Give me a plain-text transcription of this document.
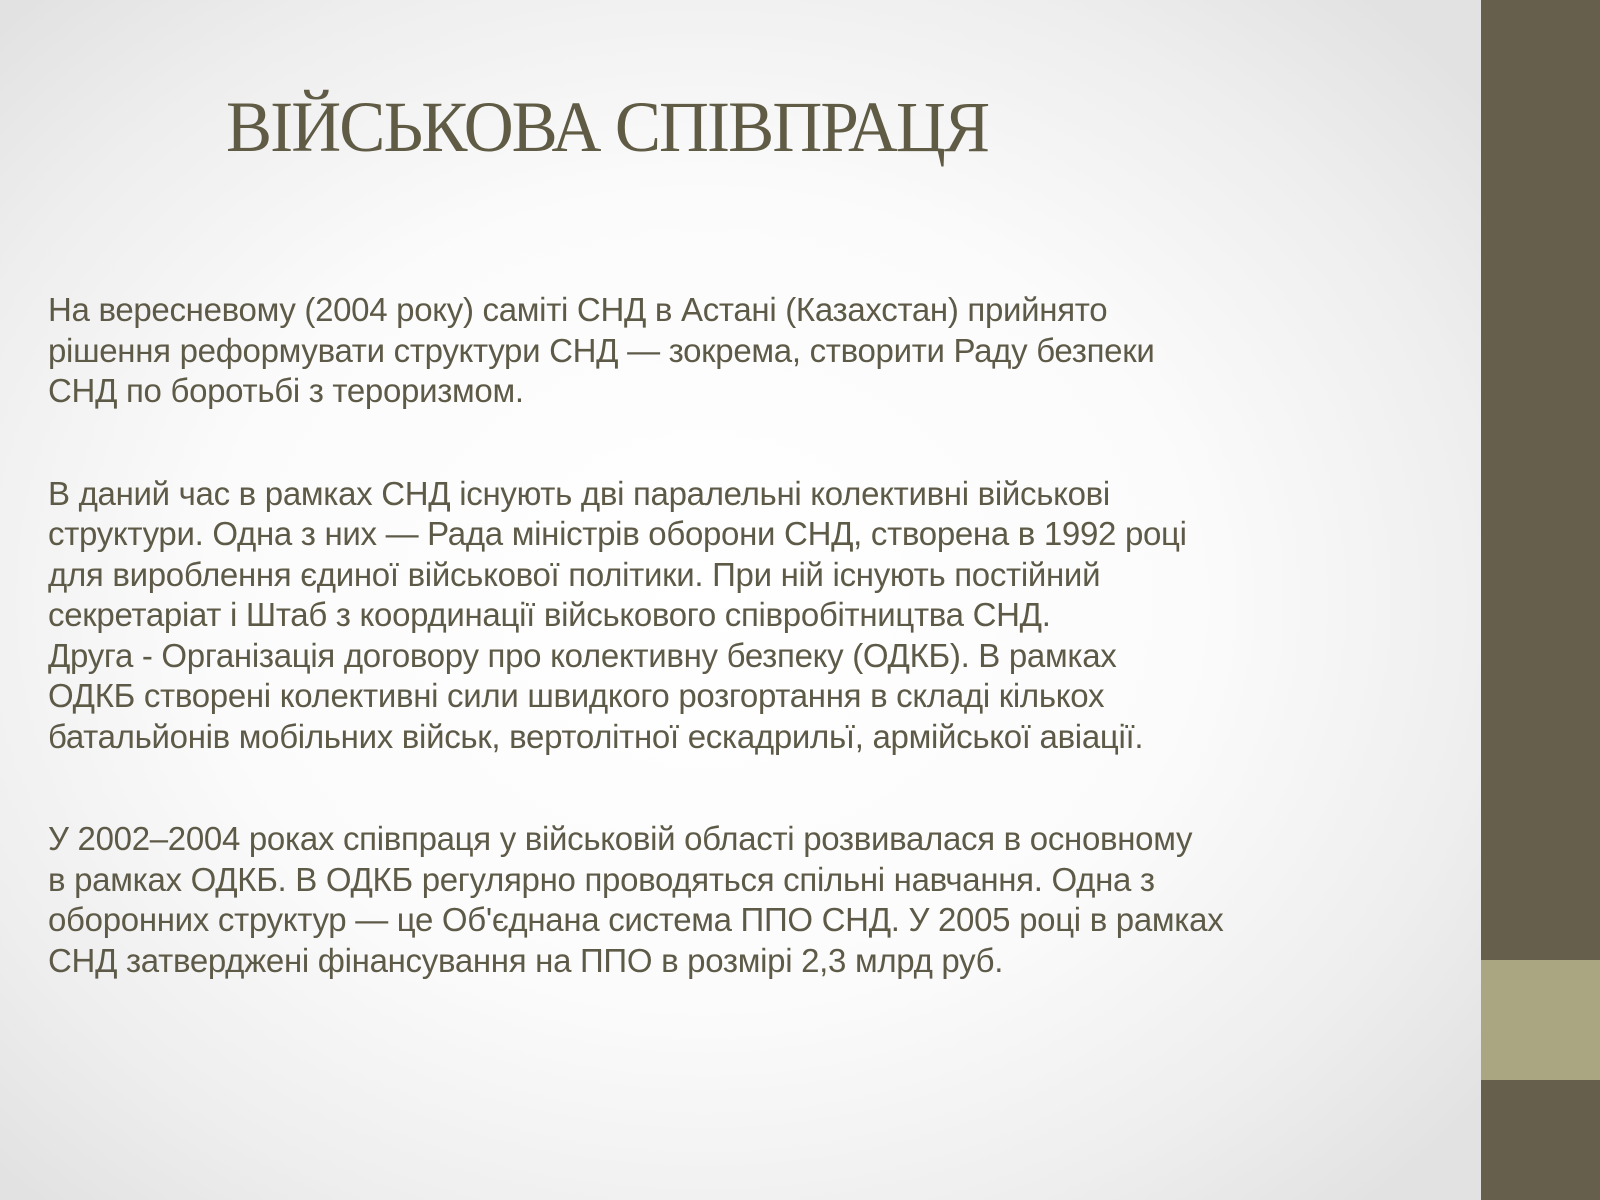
ВІЙСЬКОВА СПІВПРАЦЯ

На вересневому (2004 року) саміті СНД в Астані (Казахстан) прийнято
рішення реформувати структури СНД — зокрема, створити Раду безпеки
СНД по боротьбі з тероризмом.

В даний час в рамках СНД існують дві паралельні колективні військові
структури. Одна з них — Рада міністрів оборони СНД, створена в 1992 році
для вироблення єдиної військової політики. При ній існують постійний
секретаріат і Штаб з координації військового співробітництва СНД.
Друга - Організація договору про колективну безпеку (ОДКБ). В рамках
ОДКБ створені колективні сили швидкого розгортання в складі кількох
батальйонів мобільних військ, вертолітної ескадрильї, армійської авіації.

У 2002–2004 роках співпраця у військовій області розвивалася в основному
в рамках ОДКБ. В ОДКБ регулярно проводяться спільні навчання. Одна з
оборонних структур — це Об'єднана система ППО СНД. У 2005 році в рамках
СНД затверджені фінансування на ППО в розмірі 2,3 млрд руб.
